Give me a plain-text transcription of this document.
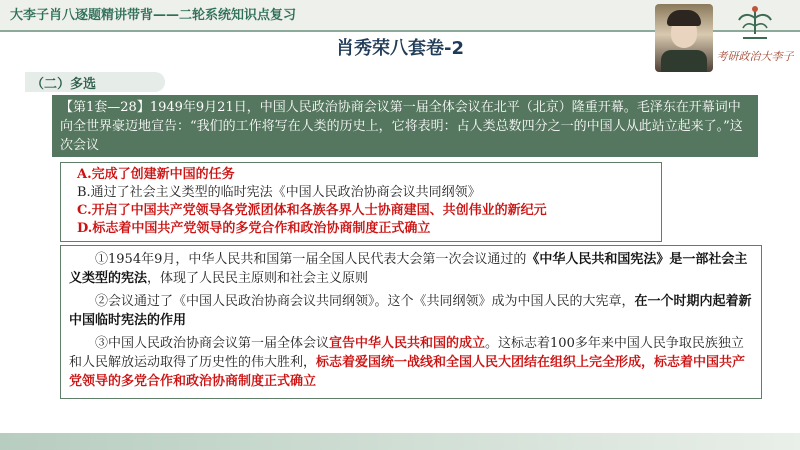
大李子肖八逐题精讲带背——二轮系统知识点复习
肖秀荣八套卷-2	考研政治大李子
（二）多选
【第1套—28】1949年9月21日，中国人民政治协商会议第一届全体会议在北平（北京）隆重开幕。毛泽东在开幕词中向全世界豪迈地宣告：“我们的工作将写在人类的历史上，它将表明：占人类总数四分之一的中国人从此站立起来了。”这次会议
A.完成了创建新中国的任务
B.通过了社会主义类型的临时宪法《中国人民政治协商会议共同纲领》
C.开启了中国共产党领导各党派团体和各族各界人士协商建国、共创伟业的新纪元
D.标志着中国共产党领导的多党合作和政治协商制度正式确立
①1954年9月，中华人民共和国第一届全国人民代表大会第一次会议通过的《中华人民共和国宪法》是一部社会主义类型的宪法，体现了人民民主原则和社会主义原则
②会议通过了《中国人民政治协商会议共同纲领》。这个《共同纲领》成为中国人民的大宪章，在一个时期内起着新中国临时宪法的作用
③中国人民政治协商会议第一届全体会议宣告中华人民共和国的成立。这标志着100多年来中国人民争取民族独立和人民解放运动取得了历史性的伟大胜利，标志着爱国统一战线和全国人民大团结在组织上完全形成，标志着中国共产党领导的多党合作和政治协商制度正式确立
